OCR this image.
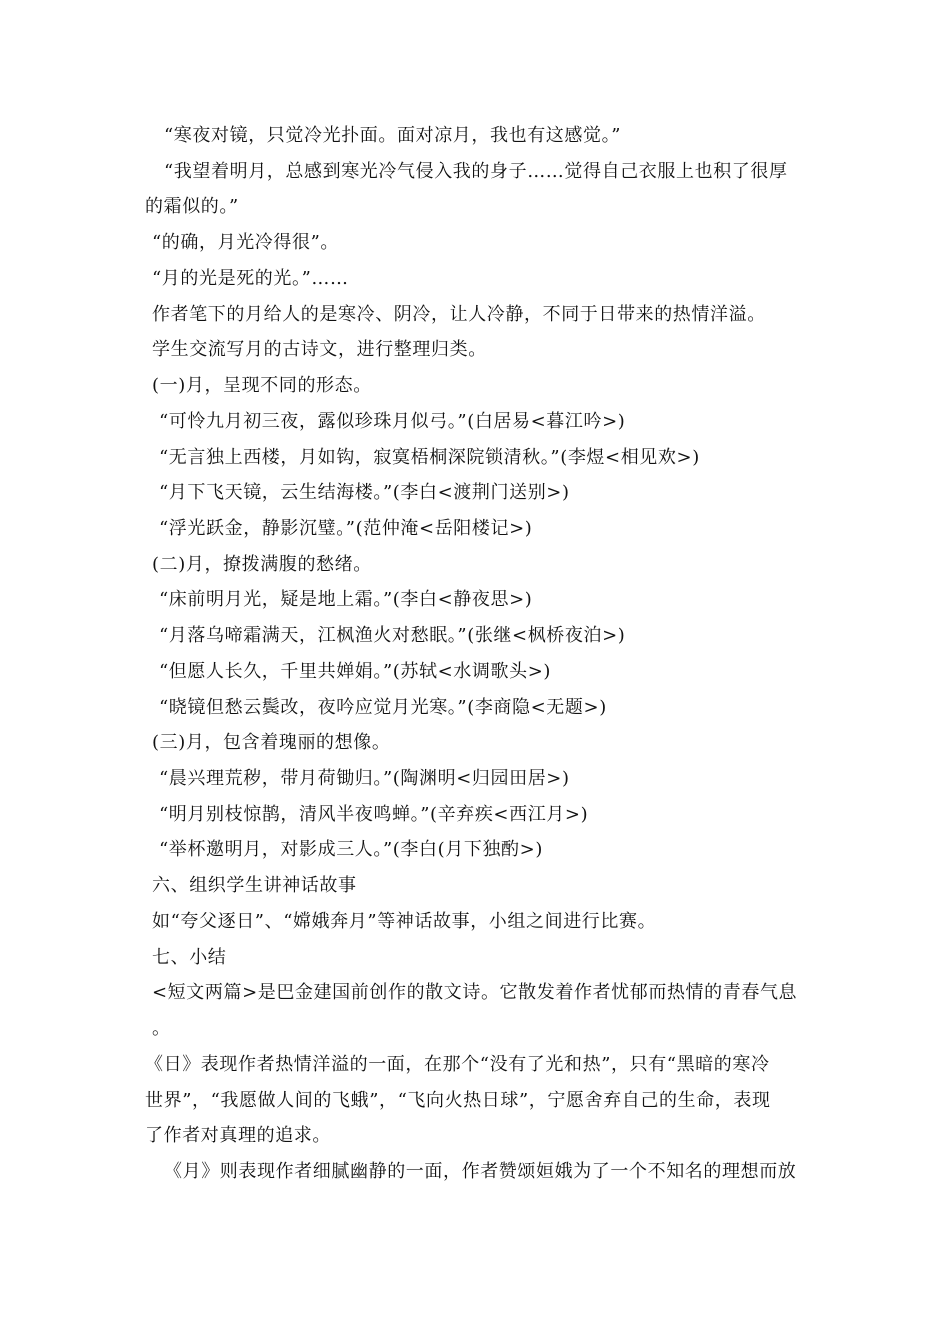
“寒夜对镜，只觉冷光扑面。面对凉月，我也有这感觉。”
“我望着明月，总感到寒光冷气侵入我的身子……觉得自己衣服上也积了很厚
的霜似的。”
“的确，月光冷得很”。
“月的光是死的光。”……
作者笔下的月给人的是寒冷、阴冷，让人冷静，不同于日带来的热情洋溢。
学生交流写月的古诗文，进行整理归类。
(一)月，呈现不同的形态。
“可怜九月初三夜，露似珍珠月似弓。”(白居易<暮江吟>)
“无言独上西楼，月如钩，寂寞梧桐深院锁清秋。”(李煜<相见欢>)
“月下飞天镜，云生结海楼。”(李白<渡荆门送别>)
“浮光跃金，静影沉璧。”(范仲淹<岳阳楼记>)
(二)月，撩拨满腹的愁绪。
“床前明月光，疑是地上霜。”(李白<静夜思>)
“月落乌啼霜满天，江枫渔火对愁眠。”(张继<枫桥夜泊>)
“但愿人长久，千里共婵娟。”(苏轼<水调歌头>)
“晓镜但愁云鬓改，夜吟应觉月光寒。”(李商隐<无题>)
(三)月，包含着瑰丽的想像。
“晨兴理荒秽，带月荷锄归。”(陶渊明<归园田居>)
“明月别枝惊鹊，清风半夜鸣蝉。”(辛弃疾<西江月>)
“举杯邀明月，对影成三人。”(李白(月下独酌>)
六、组织学生讲神话故事
如“夸父逐日”、“嫦娥奔月”等神话故事，小组之间进行比赛。
七、小结
<短文两篇>是巴金建国前创作的散文诗。它散发着作者忧郁而热情的青春气息
。
《日》表现作者热情洋溢的一面，在那个“没有了光和热”，只有“黑暗的寒冷
世界”，“我愿做人间的飞蛾”，“飞向火热日球”，宁愿舍弃自己的生命，表现
了作者对真理的追求。
《月》则表现作者细腻幽静的一面，作者赞颂姮娥为了一个不知名的理想而放
